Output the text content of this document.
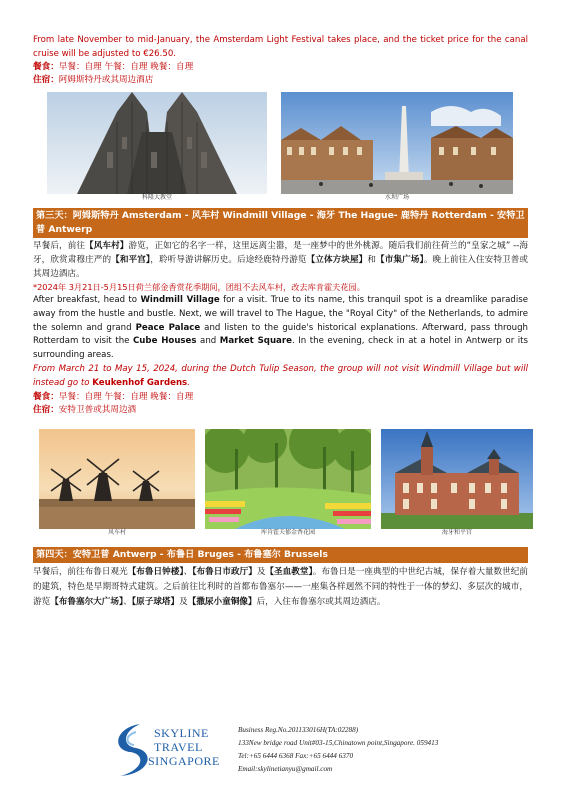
From late November to mid-January, the Amsterdam Light Festival takes place, and the ticket price for the canal cruise will be adjusted to €26.50.
餐食：早餐：自理 午餐：自理 晚餐：自理
住宿：阿姆斯特丹或其周边酒店
科隆大教堂	水坝广场
第三天：阿姆斯特丹 Amsterdam - 风车村 Windmill Village - 海牙 The Hague- 鹿特丹 Rotterdam - 安特卫普 Antwerp
早餐后，前往【风车村】游览，正如它的名字一样，这里远离尘嚣，是一座梦中的世外桃源。随后我们前往荷兰的“皇家之城” --海牙，欣赏肃穆庄严的【和平宫】，聆听导游讲解历史。后途经鹿特丹游览【立体方块屋】和【市集广场】。晚上前往入住安特卫普或其周边酒店。
*2024年 3月21日-5月15日荷兰郁金香赏花季期间，团组不去风车村，改去库肯霍夫花园。
After breakfast, head to Windmill Village for a visit. True to its name, this tranquil spot is a dreamlike paradise away from the hustle and bustle. Next, we will travel to The Hague, the "Royal City" of the Netherlands, to admire the solemn and grand Peace Palace and listen to the guide's historical explanations. Afterward, pass through Rotterdam to visit the Cube Houses and Market Square. In the evening, check in at a hotel in Antwerp or its surrounding areas.
From March 21 to May 15, 2024, during the Dutch Tulip Season, the group will not visit Windmill Village but will instead go to Keukenhof Gardens.
餐食：早餐：自理 午餐：自理 晚餐：自理
住宿：安特卫普或其周边酒
风车村	库肯霍夫郁金香花园	海牙和平宫
第四天：安特卫普 Antwerp - 布鲁日 Bruges - 布鲁塞尔 Brussels
早餐后，前往布鲁日观光【布鲁日钟楼】、【布鲁日市政厅】及【圣血教堂】。布鲁日是一座典型的中世纪古城，保存着大量数世纪前的建筑，特色是早期哥特式建筑。之后前往比利时的首都布鲁塞尔——一座集各样迥然不同的特性于一体的梦幻、多层次的城市，游览【布鲁塞尔大广场】、【原子球塔】及【撒尿小童铜像】后，入住布鲁塞尔或其周边酒店。
SKYLINE
TRAVEL
SINGAPORE
Business Reg.No.201133016H(TA:02288)
133New bridge road Unit#03-15,Chinatown point,Singapore. 059413
Tel:+65 6444 6368 Fax:+65 6444 6370
Email:skylinetianyu@gmail.com
